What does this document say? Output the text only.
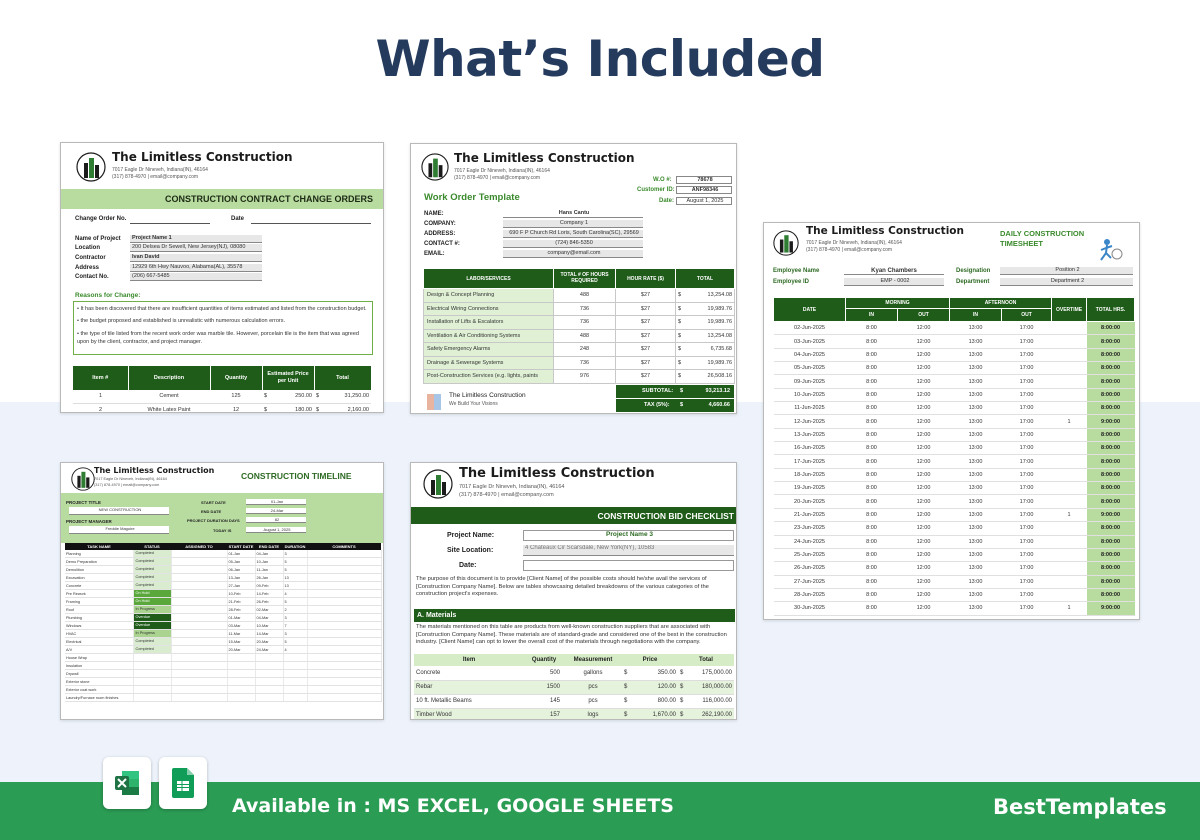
What’s Included
The Limitless Construction
7017 Eagle Dr Nineveh, Indiana(IN), 46164
(317) 878-4970 | email@company.com
CONSTRUCTION CONTRACT CHANGE ORDERS
Change Order No.	Date
Name of Project	Project Name 1
Location	200 Delsea Dr Sewell, New Jersey(NJ), 08080
Contractor	Ivan David
Address	12929 6th Hwy Nauvoo, Alabama(AL), 35578
Contact No.	(206) 667-5485
Reasons for Change:

• It has been discovered that there are insufficient quantities of items estimated and listed from the construction budget.

• the budget proposed and established is unrealistic with numerous calculation errors.

• the type of tile listed from the recent work order was marble tile. However, porcelain tile is the item that was agreed upon by the client, contractor, and project manager.

Item #	Description	Quantity	Estimated Price per Unit	Total
1	Cement	125	$ 250.00	$ 31,250.00

2	White Latex Paint	12	$ 180.00	$ 2,160.00
The Limitless Construction
7017 Eagle Dr Nineveh, Indiana(IN), 46164
(317) 878-4970 | email@company.com	W.O #:	78678
Customer ID:	ANF98346
Date:	August 1, 2025
Work Order Template
NAME:	Hans Cantu
COMPANY:	Company 1
ADDRESS:	690 F P Church Rd Loris, South Carolina(SC), 29569
CONTACT #:	(724) 846-5350
EMAIL:	company@email.com
LABOR/SERVICES	TOTAL # OF HOURS REQUIRED	HOUR RATE ($)	TOTAL
Design & Concept Planning	488	$27	$ 13,254.08

Electrical Wiring Connections	736	$27	$ 19,989.76

Installation of Lifts & Escalators	736	$27	$ 19,989.76

Ventilation & Air Conditioning Systems	488	$27	$ 13,254.08

Safety Emergency Alarms	248	$27	$ 6,735.68

Drainage & Sewerage Systems	736	$27	$ 19,989.76

Post-Construction Services (e.g. lights, paints	976	$27	$ 26,508.16
The Limitless Construction
We Build Your Visions
SUBTOTAL: $	93,213.12
TAX (5%): $	4,660.66
The Limitless Construction
7017 Eagle Dr Nineveh, Indiana(IN), 46164
(317) 878-4970 | email@company.com
DAILY CONSTRUCTION TIMESHEET
Employee Name	Kyan Chambers
Employee ID	EMP - 0002
Designation	Position 2
Department	Department 2
DATE	MORNING		AFTERNOON		OVERTIME	TOTAL HRS.
	IN	OUT	IN	OUT		
02-Jun-2025	8:00	12:00	13:00	17:00		8:00:00
03-Jun-2025	8:00	12:00	13:00	17:00		8:00:00
04-Jun-2025	8:00	12:00	13:00	17:00		8:00:00
05-Jun-2025	8:00	12:00	13:00	17:00		8:00:00
09-Jun-2025	8:00	12:00	13:00	17:00		8:00:00
10-Jun-2025	8:00	12:00	13:00	17:00		8:00:00
11-Jun-2025	8:00	12:00	13:00	17:00		8:00:00
12-Jun-2025	8:00	12:00	13:00	17:00	1	9:00:00
13-Jun-2025	8:00	12:00	13:00	17:00		8:00:00
16-Jun-2025	8:00	12:00	13:00	17:00		8:00:00
17-Jun-2025	8:00	12:00	13:00	17:00		8:00:00
18-Jun-2025	8:00	12:00	13:00	17:00		8:00:00
19-Jun-2025	8:00	12:00	13:00	17:00		8:00:00
20-Jun-2025	8:00	12:00	13:00	17:00		8:00:00
21-Jun-2025	8:00	12:00	13:00	17:00	1	9:00:00
23-Jun-2025	8:00	12:00	13:00	17:00		8:00:00
24-Jun-2025	8:00	12:00	13:00	17:00		8:00:00
25-Jun-2025	8:00	12:00	13:00	17:00		8:00:00
26-Jun-2025	8:00	12:00	13:00	17:00		8:00:00
27-Jun-2025	8:00	12:00	13:00	17:00		8:00:00
28-Jun-2025	8:00	12:00	13:00	17:00		8:00:00
30-Jun-2025	8:00	12:00	13:00	17:00	1	9:00:00
The Limitless Construction
7017 Eagle Dr Nineveh, Indiana(IN), 46164
(317) 878-4970 | email@company.com
CONSTRUCTION TIMELINE
PROJECT TITLE
NEW CONSTRUCTION
PROJECT MANAGER
Freddie Maguire
START DATE	01-Jan
END DATE	24-Mar
PROJECT DURATION DAYS	82
TODAY IS	August 1, 2025
TASK NAME	STATUS	ASSIGNED TO	START DATE	END DATE	DURATION	COMMENTS
Planning	Completed		01-Jan	04-Jan	3	
Demo Preparation	Completed		05-Jan	10-Jan	5	
Demolition	Completed		06-Jan	11-Jan	5	
Excavation	Completed		13-Jan	26-Jan	13	
Concrete	Completed		27-Jan	09-Feb	13	
Pre Rework	On Hold		10-Feb	14-Feb	4	
Framing	On Hold		21-Feb	26-Feb	5	
Roof	In Progress		28-Feb	02-Mar	2	
Plumbing	Overdue		01-Mar	04-Mar	3	
Windows	Overdue		03-Mar	10-Mar	7	
HVAC	In Progress		11-Mar	14-Mar	3	
Electrical	Completed		15-Mar	20-Mar	5	
A/V	Completed		20-Mar	24-Mar	4	
House Wrap	

Insulation	

Drywall	

Exterior stone	

Exterior coat work	

Laundry/Furnace room finishes	

The Limitless Construction
7017 Eagle Dr Nineveh, Indiana(IN), 46164
(317) 878-4970 | email@company.com
CONSTRUCTION BID CHECKLIST
Project Name:	Project Name 3
Site Location:	4 Chateaux Cir Scarsdale, New York(NY), 10583
Date:
The purpose of this document is to provide [Client Name] of the possible costs should he/she avail the services of [Construction Company Name]. Below are tables showcasing detailed breakdowns of the various categories of the construction project's expenses.
A. Materials
The materials mentioned on this table are products from well-known construction suppliers that are associated with [Construction Company Name]. These materials are of standard-grade and considered one of the best in the construction industry. [Client Name] can opt to lower the overall cost of the materials through negotiations with the company.
Item	Quantity	Measurement	Price	Total
Concrete	500	gallons	$ 350.00	$ 175,000.00

Rebar	1500	pcs	$ 120.00	$ 180,000.00

10 ft. Metallic Beams	145	pcs	$ 800.00	$ 116,000.00

Timber Wood	157	logs	$ 1,670.00	$ 262,190.00
Available in : MS EXCEL, GOOGLE SHEETS	BestTemplates
